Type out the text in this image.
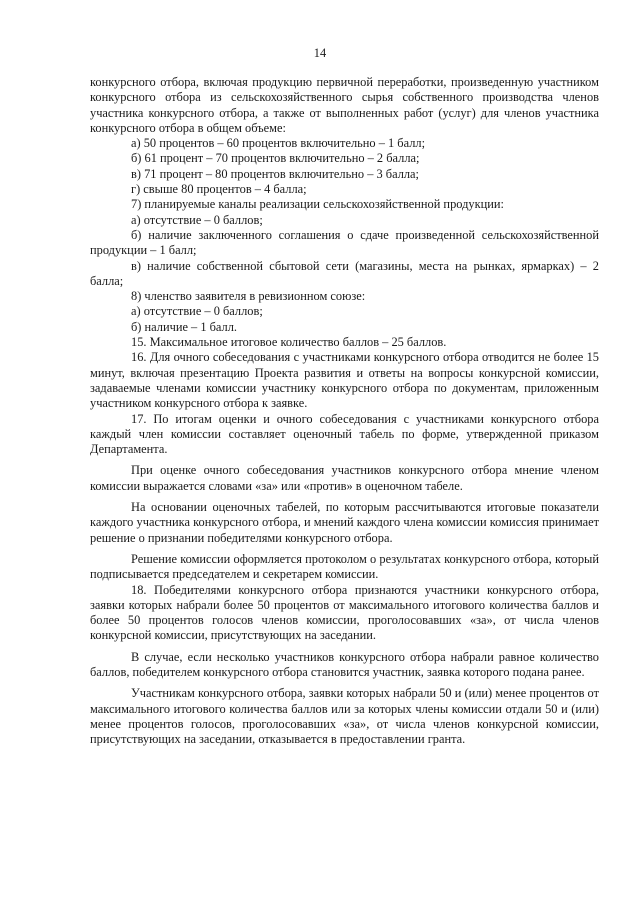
14

конкурсного отбора, включая продукцию первичной переработки, произведенную участником конкурсного отбора из сельскохозяйственного сырья собственного производства членов участника конкурсного отбора, а также от выполненных работ (услуг) для членов участника конкурсного отбора в общем объеме:

а) 50 процентов – 60 процентов включительно – 1 балл;

б) 61 процент – 70 процентов включительно – 2 балла;

в) 71 процент – 80 процентов включительно – 3 балла;

г) свыше 80 процентов – 4 балла;

7) планируемые каналы реализации сельскохозяйственной продукции:

а) отсутствие – 0 баллов;

б) наличие заключенного соглашения о сдаче произведенной сельскохозяйственной продукции – 1 балл;

в) наличие собственной сбытовой сети (магазины, места на рынках, ярмарках) – 2 балла;

8) членство заявителя в ревизионном союзе:

а) отсутствие – 0 баллов;

б) наличие – 1 балл.

15. Максимальное итоговое количество баллов – 25 баллов.

16. Для очного собеседования с участниками конкурсного отбора отводится не более 15 минут, включая презентацию Проекта развития и ответы на вопросы конкурсной комиссии, задаваемые членами комиссии участнику конкурсного отбора по документам, приложенным участником конкурсного отбора к заявке.

17. По итогам оценки и очного собеседования с участниками конкурсного отбора каждый член комиссии составляет оценочный табель по форме, утвержденной приказом Департамента.

При оценке очного собеседования участников конкурсного отбора мнение членом комиссии выражается словами «за» или «против» в оценочном табеле.

На основании оценочных табелей, по которым рассчитываются итоговые показатели каждого участника конкурсного отбора, и мнений каждого члена комиссии комиссия принимает решение о признании победителями конкурсного отбора.

Решение комиссии оформляется протоколом о результатах конкурсного отбора, который подписывается председателем и секретарем комиссии.

18. Победителями конкурсного отбора признаются участники конкурсного отбора, заявки которых набрали более 50 процентов от максимального итогового количества баллов и более 50 процентов голосов членов комиссии, проголосовавших «за», от числа членов конкурсной комиссии, присутствующих на заседании.

В случае, если несколько участников конкурсного отбора набрали равное количество баллов, победителем конкурсного отбора становится участник, заявка которого подана ранее.

Участникам конкурсного отбора, заявки которых набрали 50 и (или) менее процентов от максимального итогового количества баллов или за которых члены комиссии отдали 50 и (или) менее процентов голосов, проголосовавших «за», от числа членов конкурсной комиссии, присутствующих на заседании, отказывается в предоставлении гранта.
